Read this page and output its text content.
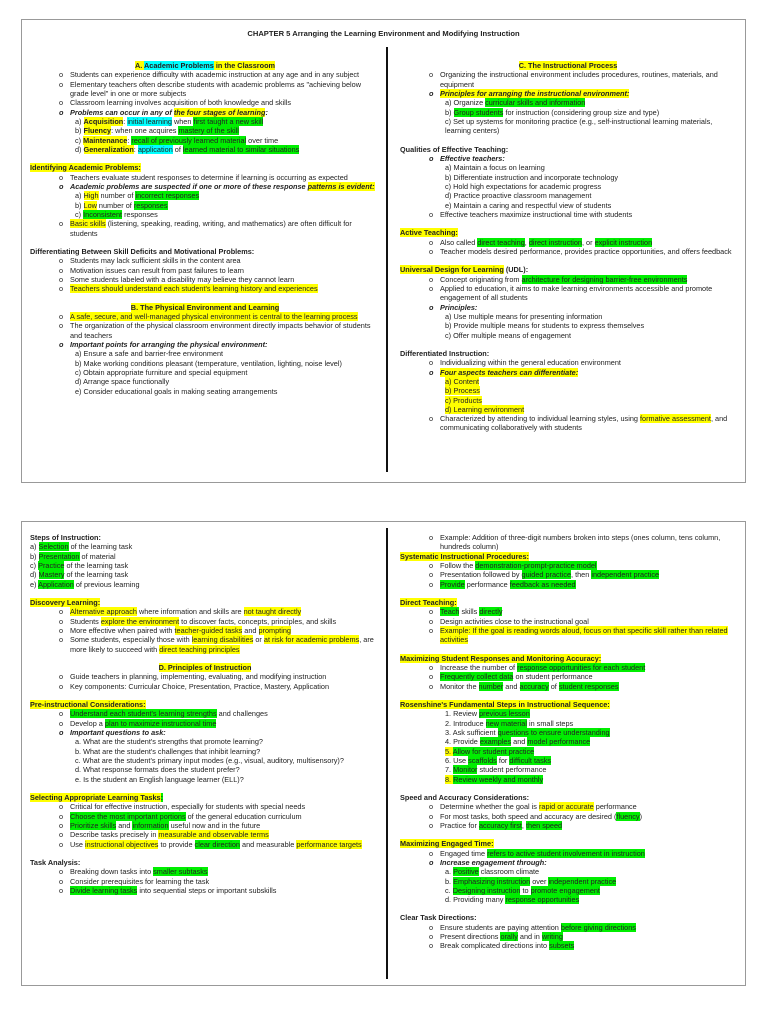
CHAPTER 5 Arranging the Learning Environment and Modifying Instruction
A. Academic Problems in the Classroom
o Students can experience difficulty with academic instruction at any age and in any subject
o Elementary teachers often describe students with academic problems as "achieving below grade level" in one or more subjects
o Classroom learning involves acquisition of both knowledge and skills
o Problems can occur in any of the four stages of learning:
a) Acquisition: initial learning when first taught a new skill
b) Fluency: when one acquires mastery of the skill
c) Maintenance: recall of previously learned material over time
d) Generalization: application of learned material to similar situations
Identifying Academic Problems:
o Teachers evaluate student responses to determine if learning is occurring as expected
o Academic problems are suspected if one or more of these response patterns is evident:
a) High number of incorrect responses
b) Low number of responses
c) Inconsistent responses
o Basic skills (listening, speaking, reading, writing, and mathematics) are often difficult for students
Differentiating Between Skill Deficits and Motivational Problems:
o Students may lack sufficient skills in the content area
o Motivation issues can result from past failures to learn
o Some students labeled with a disability may believe they cannot learn
o Teachers should understand each student's learning history and experiences
B. The Physical Environment and Learning
o A safe, secure, and well-managed physical environment is central to the learning process
o The organization of the physical classroom environment directly impacts behavior of students and teachers
o Important points for arranging the physical environment:
a) Ensure a safe and barrier-free environment
b) Make working conditions pleasant (temperature, ventilation, lighting, noise level)
c) Obtain appropriate furniture and special equipment
d) Arrange space functionally
e) Consider educational goals in making seating arrangements
C. The Instructional Process
o Organizing the instructional environment includes procedures, routines, materials, and equipment
o Principles for arranging the instructional environment:
a) Organize curricular skills and information
b) Group students for instruction (considering group size and type)
c) Set up systems for monitoring practice (e.g., self-instructional learning materials, learning centers)
Qualities of Effective Teaching:
o Effective teachers:
a) Maintain a focus on learning
b) Differentiate instruction and incorporate technology
c) Hold high expectations for academic progress
d) Practice proactive classroom management
e) Maintain a caring and respectful view of students
o Effective teachers maximize instructional time with students
Active Teaching:
o Also called direct teaching, direct instruction, or explicit instruction
o Teacher models desired performance, provides practice opportunities, and offers feedback
Universal Design for Learning (UDL):
o Concept originating from architecture for designing barrier-free environments
o Applied to education, it aims to make learning environments accessible and promote engagement of all students
o Principles:
a) Use multiple means for presenting information
b) Provide multiple means for students to express themselves
c) Offer multiple means of engagement
Differentiated Instruction:
o Individualizing within the general education environment
o Four aspects teachers can differentiate:
a) Content
b) Process
c) Products
d) Learning environment
o Characterized by attending to individual learning styles, using formative assessment, and communicating collaboratively with students
Steps of Instruction:
a) Selection of the learning task
b) Presentation of material
c) Practice of the learning task
d) Mastery of the learning task
e) Application of previous learning
Discovery Learning:
o Alternative approach where information and skills are not taught directly
o Students explore the environment to discover facts, concepts, principles, and skills
o More effective when paired with teacher-guided tasks and prompting
o Some students, especially those with learning disabilities or at risk for academic problems, are more likely to succeed with direct teaching principles
D. Principles of Instruction
o Guide teachers in planning, implementing, evaluating, and modifying instruction
o Key components: Curricular Choice, Presentation, Practice, Mastery, Application
Pre-instructional Considerations:
o Understand each student's learning strengths and challenges
o Develop a plan to maximize instructional time
o Important questions to ask:
a. What are the student's strengths that promote learning?
b. What are the student's challenges that inhibit learning?
c. What are the student's primary input modes (e.g., visual, auditory, multisensory)?
d. What response formats does the student prefer?
e. Is the student an English language learner (ELL)?
Selecting Appropriate Learning Tasks:
o Critical for effective instruction, especially for students with special needs
o Choose the most important portions of the general education curriculum
o Prioritize skills and information useful now and in the future
o Describe tasks precisely in measurable and observable terms
o Use instructional objectives to provide clear direction and measurable performance targets
Task Analysis:
o Breaking down tasks into smaller subtasks
o Consider prerequisites for learning the task
o Divide learning tasks into sequential steps or important subskills
o Example: Addition of three-digit numbers broken into steps (ones column, tens column, hundreds column)
Systematic Instructional Procedures:
o Follow the demonstration-prompt-practice model
o Presentation followed by guided practice, then independent practice
o Provide performance feedback as needed
Direct Teaching:
o Teach skills directly
o Design activities close to the instructional goal
o Example: If the goal is reading words aloud, focus on that specific skill rather than related activities
Maximizing Student Responses and Monitoring Accuracy:
o Increase the number of response opportunities for each student
o Frequently collect data on student performance
o Monitor the number and accuracy of student responses
Rosenshine's Fundamental Steps in Instructional Sequence:
1. Review previous lesson
2. Introduce new material in small steps
3. Ask sufficient questions to ensure understanding
4. Provide examples and model performance
5. Allow for student practice
6. Use scaffolds for difficult tasks
7. Monitor student performance
8. Review weekly and monthly
Speed and Accuracy Considerations:
o Determine whether the goal is rapid or accurate performance
o For most tasks, both speed and accuracy are desired (fluency)
o Practice for accuracy first, then speed
Maximizing Engaged Time:
o Engaged time refers to active student involvement in instruction
o Increase engagement through:
a. Positive classroom climate
b. Emphasizing instruction over independent practice
c. Designing instruction to promote engagement
d. Providing many response opportunities
Clear Task Directions:
o Ensure students are paying attention before giving directions
o Present directions orally and in writing
o Break complicated directions into subsets
